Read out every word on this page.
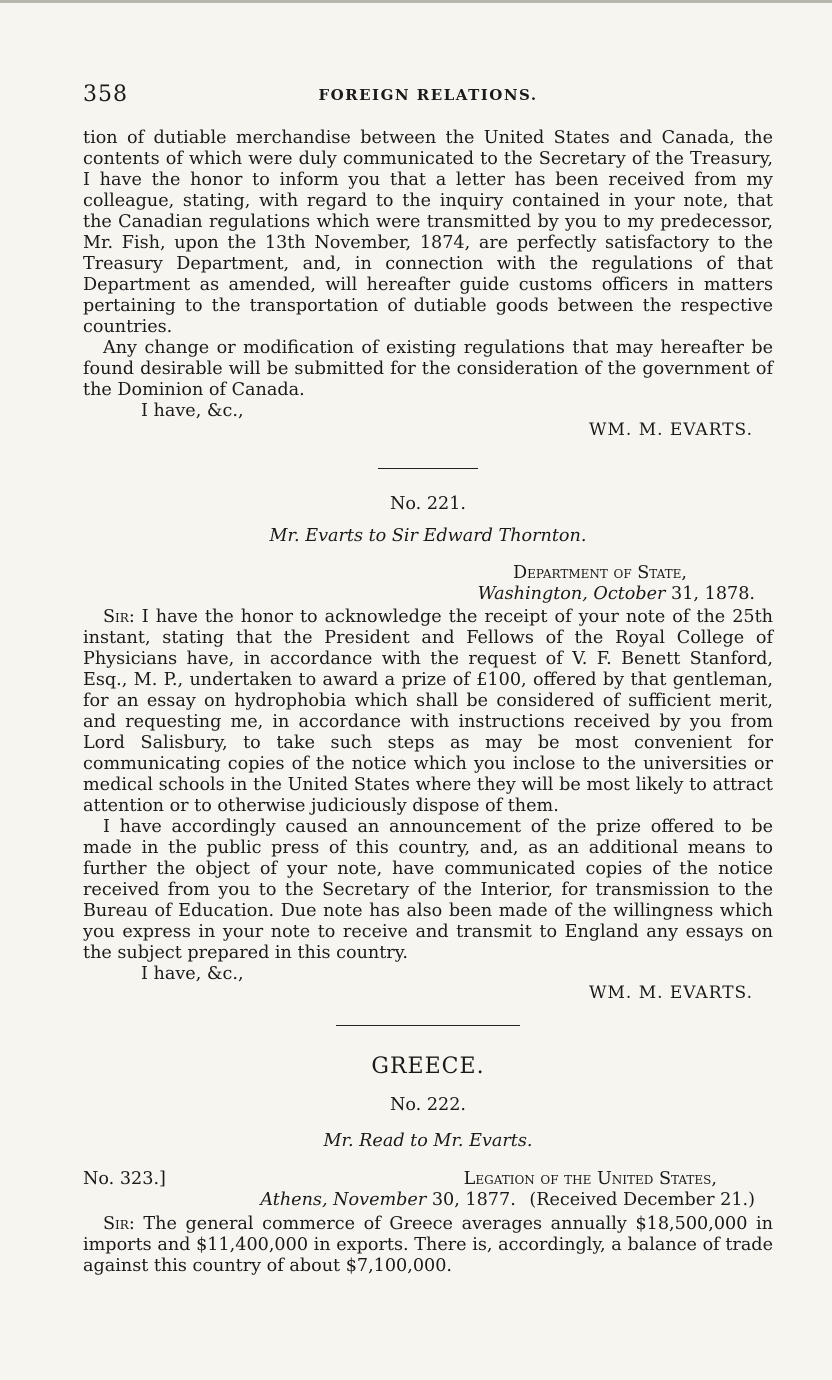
358	FOREIGN RELATIONS.

tion of dutiable merchandise between the United States and Canada, the contents of which were duly communicated to the Secretary of the Treasury, I have the honor to inform you that a letter has been received from my colleague, stating, with regard to the inquiry contained in your note, that the Canadian regulations which were transmitted by you to my predecessor, Mr. Fish, upon the 13th November, 1874, are perfectly satisfactory to the Treasury Department, and, in connection with the regulations of that Department as amended, will hereafter guide customs officers in matters pertaining to the transportation of dutiable goods between the respective countries.

Any change or modification of existing regulations that may hereafter be found desirable will be submitted for the consideration of the government of the Dominion of Canada.

I have, &c.,

WM. M. EVARTS.

No. 221.

Mr. Evarts to Sir Edward Thornton.

Department of State,

Washington, October 31, 1878.

Sir: I have the honor to acknowledge the receipt of your note of the 25th instant, stating that the President and Fellows of the Royal College of Physicians have, in accordance with the request of V. F. Benett Stanford, Esq., M. P., undertaken to award a prize of £100, offered by that gentleman, for an essay on hydrophobia which shall be considered of sufficient merit, and requesting me, in accordance with instructions received by you from Lord Salisbury, to take such steps as may be most convenient for communicating copies of the notice which you inclose to the universities or medical schools in the United States where they will be most likely to attract attention or to otherwise judiciously dispose of them.

I have accordingly caused an announcement of the prize offered to be made in the public press of this country, and, as an additional means to further the object of your note, have communicated copies of the notice received from you to the Secretary of the Interior, for transmission to the Bureau of Education. Due note has also been made of the willingness which you express in your note to receive and transmit to England any essays on the subject prepared in this country.

I have, &c.,

WM. M. EVARTS.

GREECE.

No. 222.

Mr. Read to Mr. Evarts.

No. 323.]	Legation of the United States,

Athens, November 30, 1877. (Received December 21.)

Sir: The general commerce of Greece averages annually $18,500,000 in imports and $11,400,000 in exports. There is, accordingly, a balance of trade against this country of about $7,100,000.
